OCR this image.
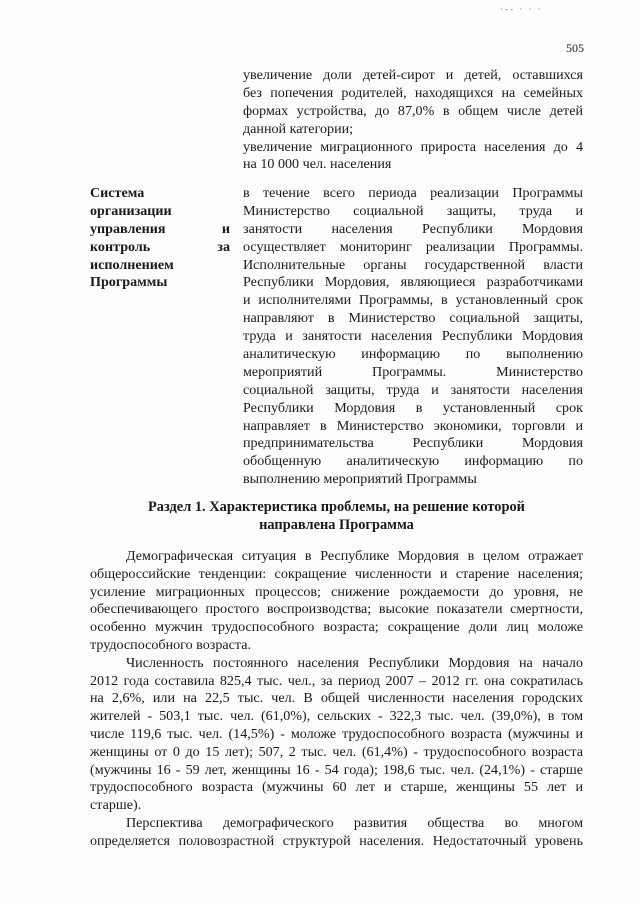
·-- · · ·
505
увеличение доли детей-сирот и детей, оставшихся
без попечения родителей, находящихся на семейных
формах устройства, до 87,0% в общем числе детей
данной категории;
увеличение миграционного прироста населения до 4
на 10 000 чел. населения
Система
организации
управления	и
контроль	за
исполнением
Программы
в течение всего периода реализации Программы
Министерство социальной защиты, труда и
занятости населения Республики Мордовия
осуществляет мониторинг реализации Программы.
Исполнительные органы государственной власти
Республики Мордовия, являющиеся разработчиками
и исполнителями Программы, в установленный срок
направляют в Министерство социальной защиты,
труда и занятости населения Республики Мордовия
аналитическую информацию по выполнению
мероприятий Программы. Министерство
социальной защиты, труда и занятости населения
Республики Мордовия в установленный срок
направляет в Министерство экономики, торговли и
предпринимательства Республики Мордовия
обобщенную аналитическую информацию по
выполнению мероприятий Программы
Раздел 1. Характеристика проблемы, на решение которой
направлена Программа
Демографическая ситуация в Республике Мордовия в целом отражает
общероссийские тенденции: сокращение численности и старение населения;
усиление миграционных процессов; снижение рождаемости до уровня, не
обеспечивающего простого воспроизводства; высокие показатели смертности,
особенно мужчин трудоспособного возраста; сокращение доли лиц моложе
трудоспособного возраста.
Численность постоянного населения Республики Мордовия на начало
2012 года составила 825,4 тыс. чел., за период 2007 – 2012 гг. она сократилась
на 2,6%, или на 22,5 тыс. чел. В общей численности населения городских
жителей - 503,1 тыс. чел. (61,0%), сельских - 322,3 тыс. чел. (39,0%), в том
числе 119,6 тыс. чел. (14,5%) - моложе трудоспособного возраста (мужчины и
женщины от 0 до 15 лет); 507, 2 тыс. чел. (61,4%) - трудоспособного возраста
(мужчины 16 - 59 лет, женщины 16 - 54 года); 198,6 тыс. чел. (24,1%) - старше
трудоспособного возраста (мужчины 60 лет и старше, женщины 55 лет и
старше).
Перспектива демографического развития общества во многом
определяется половозрастной структурой населения. Недостаточный уровень
